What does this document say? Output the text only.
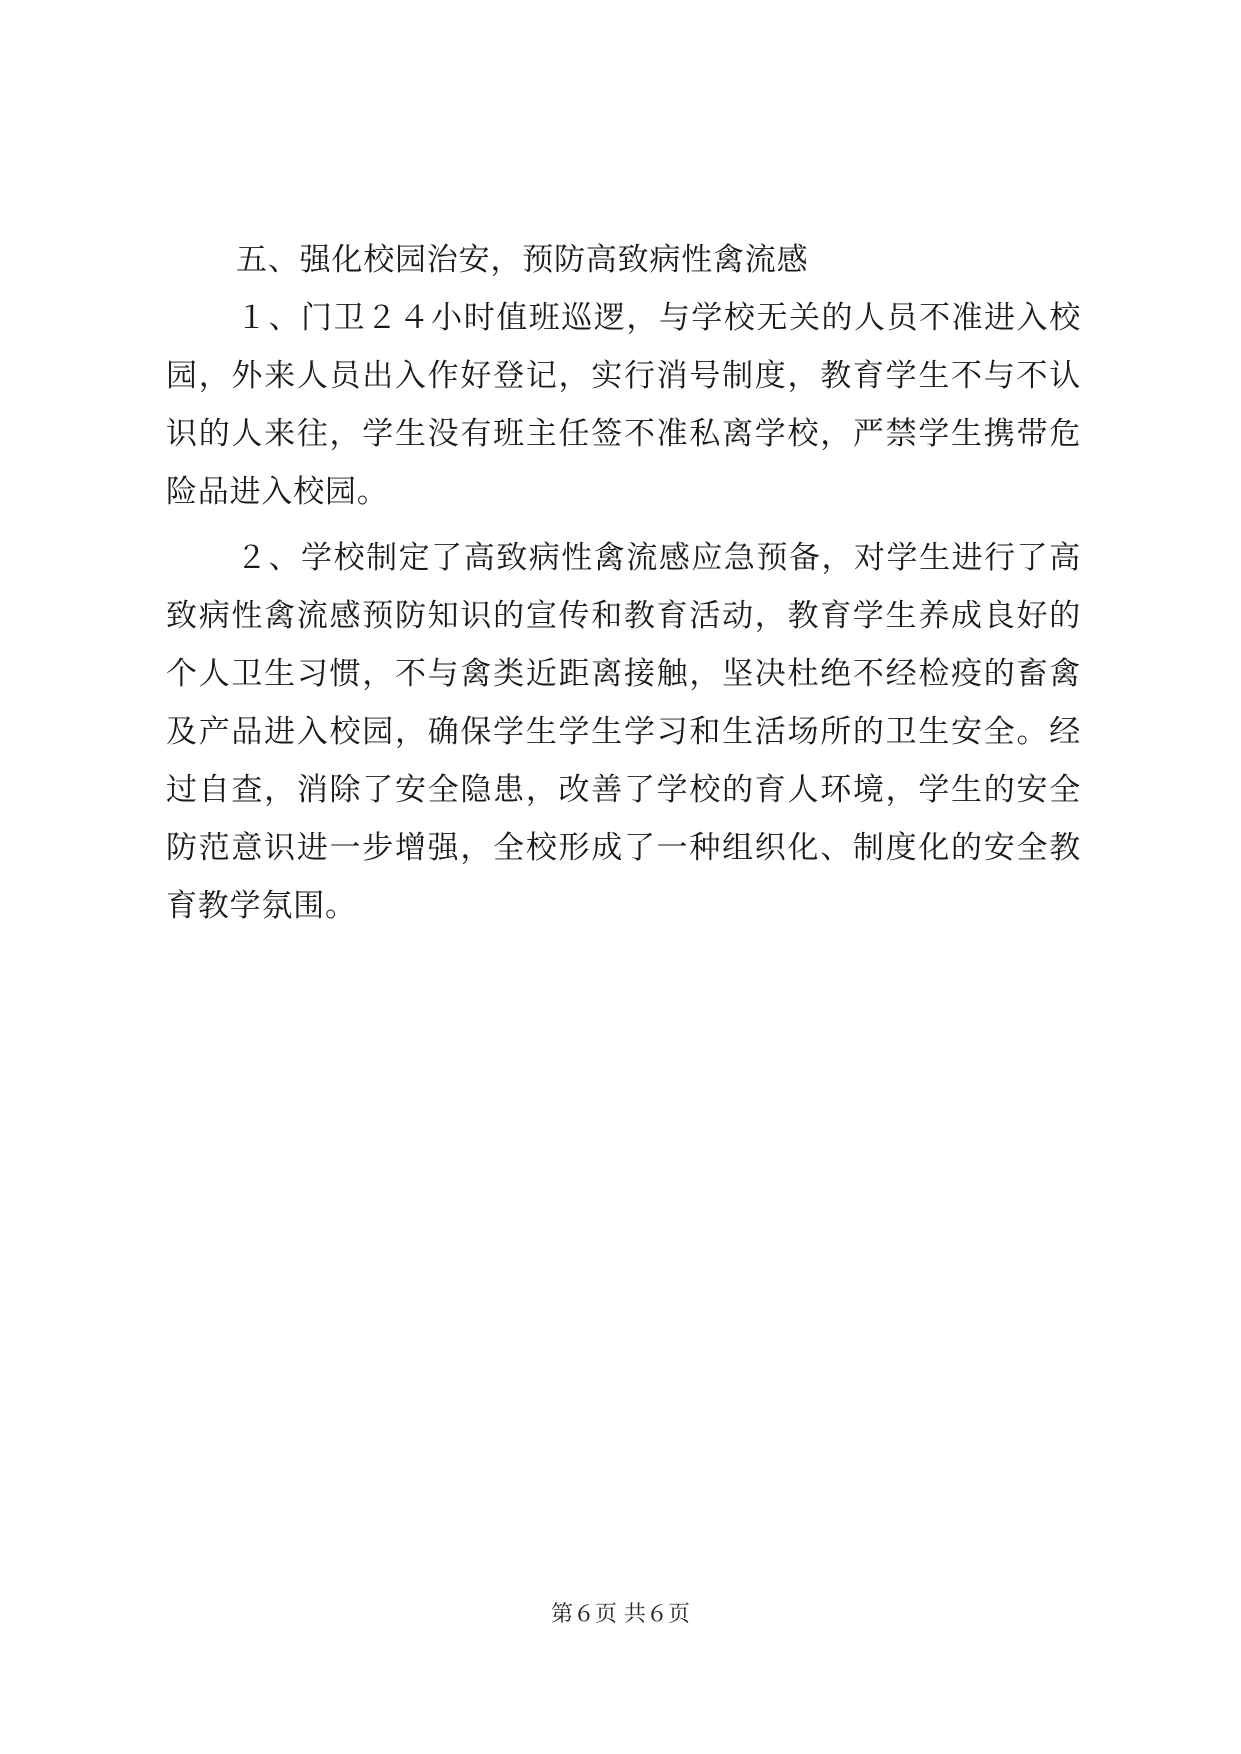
五、强化校园治安，预防高致病性禽流感
１、门卫２４小时值班巡逻，与学校无关的人员不准进入校
园，外来人员出入作好登记，实行消号制度，教育学生不与不认
识的人来往，学生没有班主任签不准私离学校，严禁学生携带危
险品进入校园。
２、学校制定了高致病性禽流感应急预备，对学生进行了高
致病性禽流感预防知识的宣传和教育活动，教育学生养成良好的
个人卫生习惯，不与禽类近距离接触，坚决杜绝不经检疫的畜禽
及产品进入校园，确保学生学生学习和生活场所的卫生安全。经
过自查，消除了安全隐患，改善了学校的育人环境，学生的安全
防范意识进一步增强，全校形成了一种组织化、制度化的安全教
育教学氛围。
第６页 共６页
